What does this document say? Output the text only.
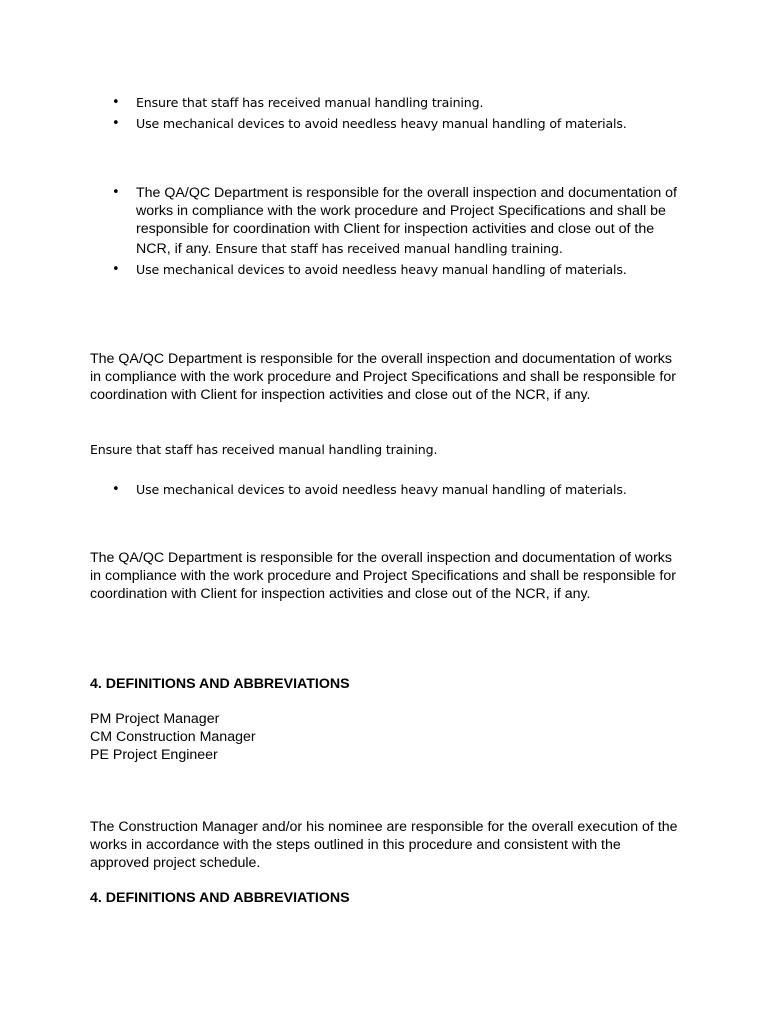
• Ensure that staff has received manual handling training.
• Use mechanical devices to avoid needless heavy manual handling of materials.
• The QA/QC Department is responsible for the overall inspection and documentation of works in compliance with the work procedure and Project Specifications and shall be responsible for coordination with Client for inspection activities and close out of the NCR, if any. Ensure that staff has received manual handling training.
• Use mechanical devices to avoid needless heavy manual handling of materials.

The QA/QC Department is responsible for the overall inspection and documentation of works in compliance with the work procedure and Project Specifications and shall be responsible for coordination with Client for inspection activities and close out of the NCR, if any.

Ensure that staff has received manual handling training.

• Use mechanical devices to avoid needless heavy manual handling of materials.

The QA/QC Department is responsible for the overall inspection and documentation of works in compliance with the work procedure and Project Specifications and shall be responsible for coordination with Client for inspection activities and close out of the NCR, if any.

4. DEFINITIONS AND ABBREVIATIONS
PM Project Manager
CM Construction Manager
PE Project Engineer

The Construction Manager and/or his nominee are responsible for the overall execution of the works in accordance with the steps outlined in this procedure and consistent with the approved project schedule.

4. DEFINITIONS AND ABBREVIATIONS
